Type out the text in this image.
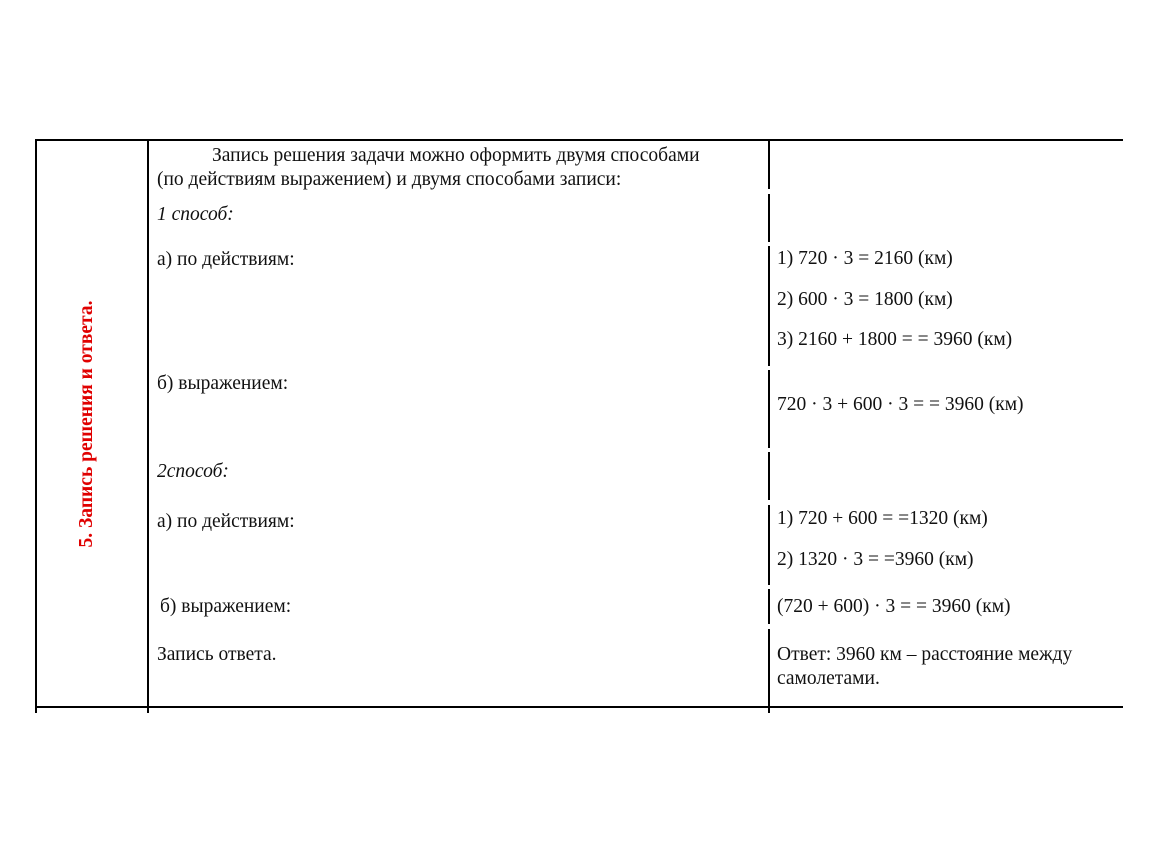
5. Запись решения и ответа.
Запись решения задачи можно оформить двумя способами
(по действиям выражением) и двумя способами записи:
1 способ:
а) по действиям:
б) выражением:
2способ:
а) по действиям:
б) выражением:
Запись ответа.
1) 720 · 3 = 2160 (км)
2) 600 · 3 = 1800 (км)
3) 2160 + 1800 = = 3960 (км)
720 · 3 + 600 · 3 = = 3960 (км)
1) 720 + 600 = =1320 (км)
2) 1320 · 3 = =3960 (км)
(720 + 600) · 3 = = 3960 (км)
Ответ: 3960 км – расстояние между
самолетами.
